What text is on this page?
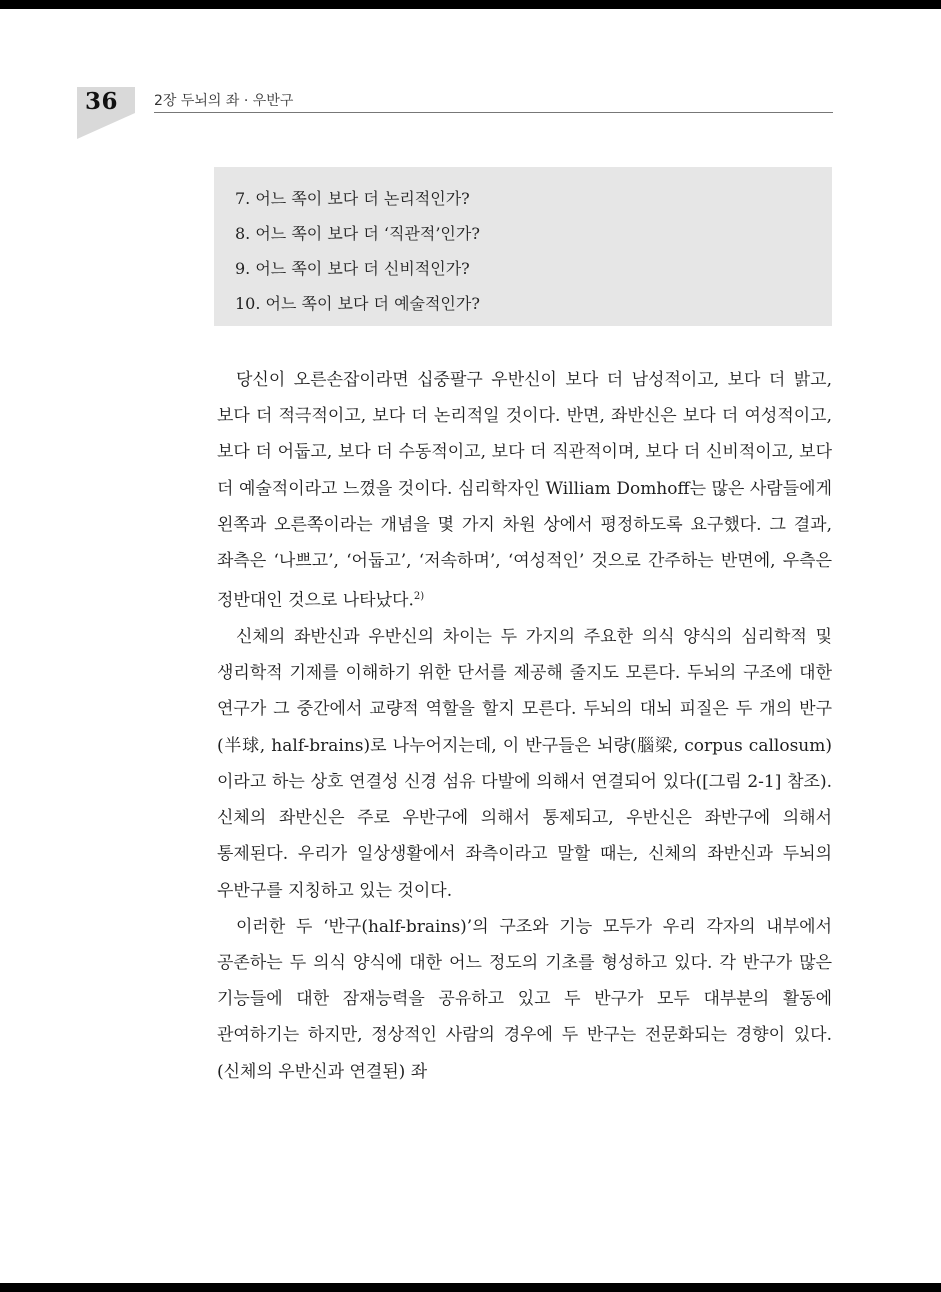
36	2장 두뇌의 좌 · 우반구
7. 어느 쪽이 보다 더 논리적인가?
8. 어느 쪽이 보다 더 ‘직관적’인가?
9. 어느 쪽이 보다 더 신비적인가?
10. 어느 쪽이 보다 더 예술적인가?

당신이 오른손잡이라면 십중팔구 우반신이 보다 더 남성적이고, 보다 더 밝고, 보다 더 적극적이고, 보다 더 논리적일 것이다. 반면, 좌반신은 보다 더 여성적이고, 보다 더 어둡고, 보다 더 수동적이고, 보다 더 직관적이며, 보다 더 신비적이고, 보다 더 예술적이라고 느꼈을 것이다. 심리학자인 William Domhoff는 많은 사람들에게 왼쪽과 오른쪽이라는 개념을 몇 가지 차원 상에서 평정하도록 요구했다. 그 결과, 좌측은 ‘나쁘고’, ‘어둡고’, ‘저속하며’, ‘여성적인’ 것으로 간주하는 반면에, 우측은 정반대인 것으로 나타났다.$^{2)}$

신체의 좌반신과 우반신의 차이는 두 가지의 주요한 의식 양식의 심리학적 및 생리학적 기제를 이해하기 위한 단서를 제공해 줄지도 모른다. 두뇌의 구조에 대한 연구가 그 중간에서 교량적 역할을 할지 모른다. 두뇌의 대뇌 피질은 두 개의 반구(半球, half-brains)로 나누어지는데, 이 반구들은 뇌량(腦梁, corpus callosum)이라고 하는 상호 연결성 신경 섬유 다발에 의해서 연결되어 있다([그림 2-1] 참조). 신체의 좌반신은 주로 우반구에 의해서 통제되고, 우반신은 좌반구에 의해서 통제된다. 우리가 일상생활에서 좌측이라고 말할 때는, 신체의 좌반신과 두뇌의 우반구를 지칭하고 있는 것이다.

이러한 두 ‘반구(half-brains)’의 구조와 기능 모두가 우리 각자의 내부에서 공존하는 두 의식 양식에 대한 어느 정도의 기초를 형성하고 있다. 각 반구가 많은 기능들에 대한 잠재능력을 공유하고 있고 두 반구가 모두 대부분의 활동에 관여하기는 하지만, 정상적인 사람의 경우에 두 반구는 전문화되는 경향이 있다. (신체의 우반신과 연결된) 좌
